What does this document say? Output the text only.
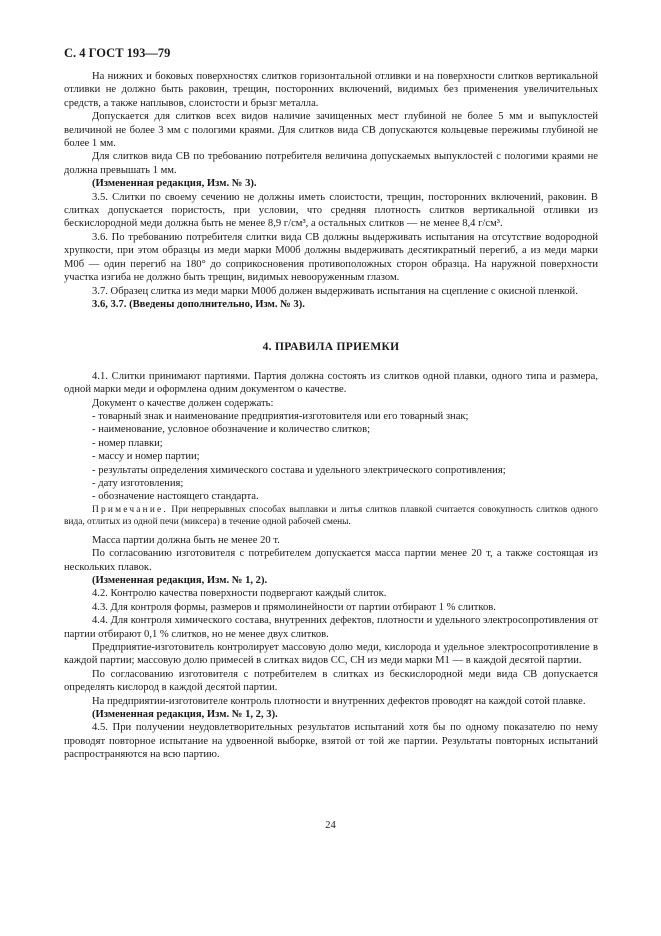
С. 4 ГОСТ 193—79

На нижних и боковых поверхностях слитков горизонтальной отливки и на поверхности слитков вертикальной отливки не должно быть раковин, трещин, посторонних включений, видимых без применения увеличительных средств, а также наплывов, слоистости и брызг металла.

Допускается для слитков всех видов наличие зачищенных мест глубиной не более 5 мм и выпуклостей величиной не более 3 мм с пологими краями. Для слитков вида СВ допускаются кольцевые пережимы глубиной не более 1 мм.

Для слитков вида СВ по требованию потребителя величина допускаемых выпуклостей с пологими краями не должна превышать 1 мм.

(Измененная редакция, Изм. № 3).

3.5. Слитки по своему сечению не должны иметь слоистости, трещин, посторонних включений, раковин. В слитках допускается пористость, при условии, что средняя плотность слитков вертикальной отливки из бескислородной меди должна быть не менее 8,9 г/см³, а остальных слитков — не менее 8,4 г/см³.

3.6. По требованию потребителя слитки вида СВ должны выдерживать испытания на отсутствие водородной хрупкости, при этом образцы из меди марки М00б должны выдерживать десятикратный перегиб, а из меди марки М0б — один перегиб на 180° до соприкосновения противоположных сторон образца. На наружной поверхности участка изгиба не должно быть трещин, видимых невооруженным глазом.

3.7. Образец слитка из меди марки М00б должен выдерживать испытания на сцепление с окисной пленкой.

3.6, 3.7. (Введены дополнительно, Изм. № 3).

4. ПРАВИЛА ПРИЕМКИ

4.1. Слитки принимают партиями. Партия должна состоять из слитков одной плавки, одного типа и размера, одной марки меди и оформлена одним документом о качестве.

Документ о качестве должен содержать:

- товарный знак и наименование предприятия-изготовителя или его товарный знак;
- наименование, условное обозначение и количество слитков;
- номер плавки;
- массу и номер партии;
- результаты определения химического состава и удельного электрического сопротивления;
- дату изготовления;
- обозначение настоящего стандарта.

Примечание. При непрерывных способах выплавки и литья слитков плавкой считается совокупность слитков одного вида, отлитых из одной печи (миксера) в течение одной рабочей смены.

Масса партии должна быть не менее 20 т.

По согласованию изготовителя с потребителем допускается масса партии менее 20 т, а также состоящая из нескольких плавок.

(Измененная редакция, Изм. № 1, 2).

4.2. Контролю качества поверхности подвергают каждый слиток.

4.3. Для контроля формы, размеров и прямолинейности от партии отбирают 1 % слитков.

4.4. Для контроля химического состава, внутренних дефектов, плотности и удельного электросопротивления от партии отбирают 0,1 % слитков, но не менее двух слитков.

Предприятие-изготовитель контролирует массовую долю меди, кислорода и удельное электросопротивление в каждой партии; массовую долю примесей в слитках видов СС, СН из меди марки М1 — в каждой десятой партии.

По согласованию изготовителя с потребителем в слитках из бескислородной меди вида СВ допускается определять кислород в каждой десятой партии.

На предприятии-изготовителе контроль плотности и внутренних дефектов проводят на каждой сотой плавке.

(Измененная редакция, Изм. № 1, 2, 3).

4.5. При получении неудовлетворительных результатов испытаний хотя бы по одному показателю по нему проводят повторное испытание на удвоенной выборке, взятой от той же партии. Результаты повторных испытаний распространяются на всю партию.

24
